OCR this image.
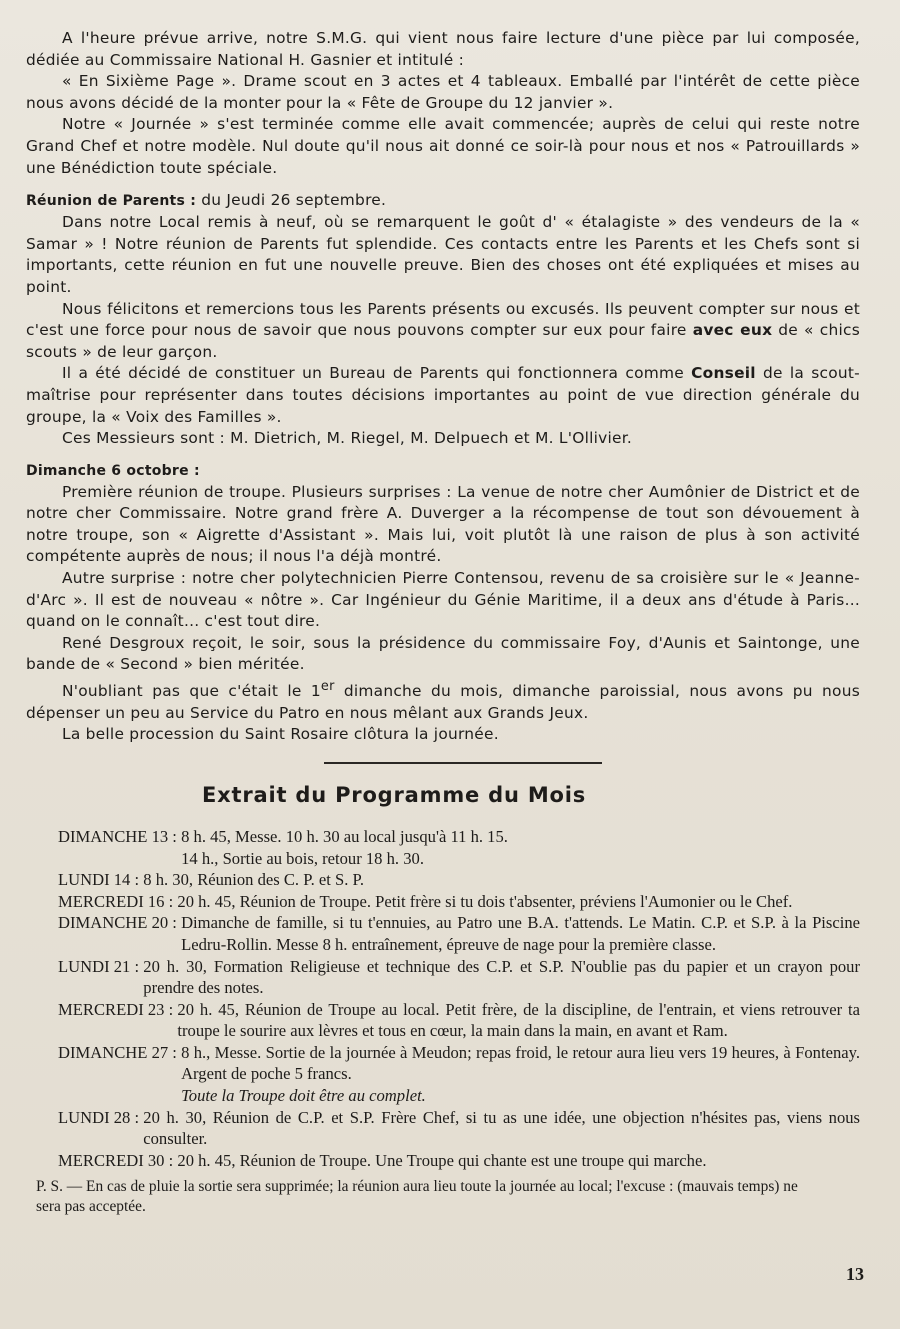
A l'heure prévue arrive, notre S.M.G. qui vient nous faire lecture d'une pièce par lui composée, dédiée au Commissaire National H. Gasnier et intitulé :

« En Sixième Page ». Drame scout en 3 actes et 4 tableaux. Emballé par l'intérêt de cette pièce nous avons décidé de la monter pour la « Fête de Groupe du 12 janvier ».

Notre « Journée » s'est terminée comme elle avait commencée; auprès de celui qui reste notre Grand Chef et notre modèle. Nul doute qu'il nous ait donné ce soir-là pour nous et nos « Patrouillards » une Bénédiction toute spéciale.

Réunion de Parents : du Jeudi 26 septembre.

Dans notre Local remis à neuf, où se remarquent le goût d' « étalagiste » des vendeurs de la « Samar » ! Notre réunion de Parents fut splendide. Ces contacts entre les Parents et les Chefs sont si importants, cette réunion en fut une nouvelle preuve. Bien des choses ont été expliquées et mises au point.

Nous félicitons et remercions tous les Parents présents ou excusés. Ils peuvent compter sur nous et c'est une force pour nous de savoir que nous pouvons compter sur eux pour faire avec eux de « chics scouts » de leur garçon.

Il a été décidé de constituer un Bureau de Parents qui fonctionnera comme Conseil de la scout-maîtrise pour représenter dans toutes décisions importantes au point de vue direction générale du groupe, la « Voix des Familles ».

Ces Messieurs sont : M. Dietrich, M. Riegel, M. Delpuech et M. L'Ollivier.

Dimanche 6 octobre :

Première réunion de troupe. Plusieurs surprises : La venue de notre cher Aumônier de District et de notre cher Commissaire. Notre grand frère A. Duverger a la récompense de tout son dévouement à notre troupe, son « Aigrette d'Assistant ». Mais lui, voit plutôt là une raison de plus à son activité compétente auprès de nous; il nous l'a déjà montré.

Autre surprise : notre cher polytechnicien Pierre Contensou, revenu de sa croisière sur le « Jeanne-d'Arc ». Il est de nouveau « nôtre ». Car Ingénieur du Génie Maritime, il a deux ans d'étude à Paris... quand on le connaît... c'est tout dire.

René Desgroux reçoit, le soir, sous la présidence du commissaire Foy, d'Aunis et Saintonge, une bande de « Second » bien méritée.

N'oubliant pas que c'était le 1er dimanche du mois, dimanche paroissial, nous avons pu nous dépenser un peu au Service du Patro en nous mêlant aux Grands Jeux.

La belle procession du Saint Rosaire clôtura la journée.

Extrait du Programme du Mois
DIMANCHE 13 : 8 h. 45, Messe. 10 h. 30 au local jusqu'à 11 h. 15.
14 h., Sortie au bois, retour 18 h. 30.
LUNDI 14 : 8 h. 30, Réunion des C. P. et S. P.
MERCREDI 16 : 20 h. 45, Réunion de Troupe. Petit frère si tu dois t'absenter, préviens l'Aumonier ou le Chef.
DIMANCHE 20 : Dimanche de famille, si tu t'ennuies, au Patro une B.A. t'attends. Le Matin. C.P. et S.P. à la Piscine Ledru-Rollin. Messe 8 h. entraînement, épreuve de nage pour la première classe.
LUNDI 21 : 20 h. 30, Formation Religieuse et technique des C.P. et S.P. N'oublie pas du papier et un crayon pour prendre des notes.
MERCREDI 23 : 20 h. 45, Réunion de Troupe au local. Petit frère, de la discipline, de l'entrain, et viens retrouver ta troupe le sourire aux lèvres et tous en cœur, la main dans la main, en avant et Ram.
DIMANCHE 27 : 8 h., Messe. Sortie de la journée à Meudon; repas froid, le retour aura lieu vers 19 heures, à Fontenay. Argent de poche 5 francs.
Toute la Troupe doit être au complet.
LUNDI 28 : 20 h. 30, Réunion de C.P. et S.P. Frère Chef, si tu as une idée, une objection n'hésites pas, viens nous consulter.
MERCREDI 30 : 20 h. 45, Réunion de Troupe. Une Troupe qui chante est une troupe qui marche.
P. S. — En cas de pluie la sortie sera supprimée; la réunion aura lieu toute la journée au local; l'excuse : (mauvais temps) ne sera pas acceptée.
13
